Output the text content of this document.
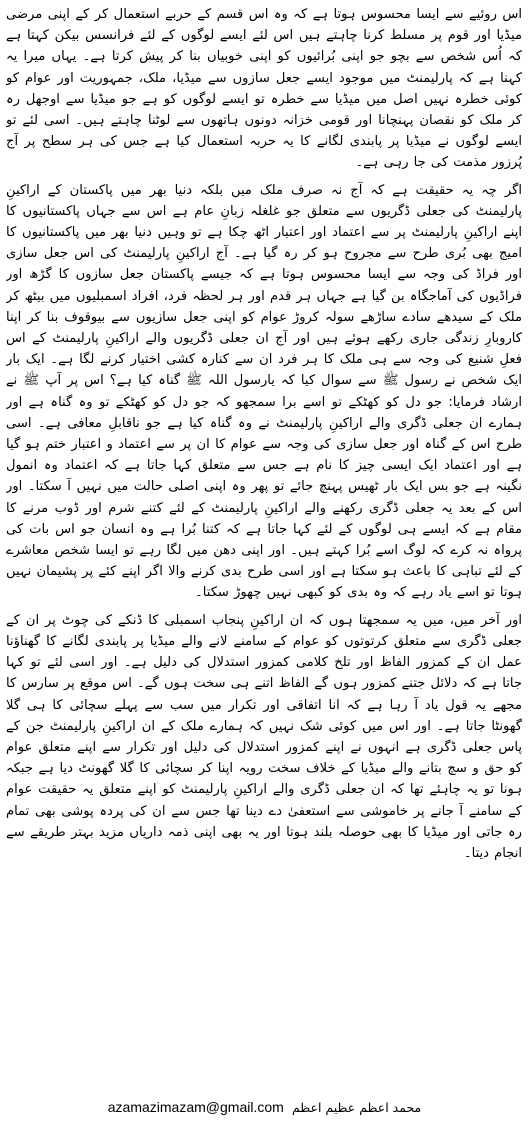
اس روئیے سے ایسا محسوس ہوتا ہے کہ وہ اس قسم کے حربے استعمال کر کے اپنی مرضی میڈیا اور قوم پر مسلط کرنا چاہتے ہیں اس لئے ایسے لوگوں کے لئے فرانسس بیکن کہتا ہے کہ اُس شخص سے بچو جو اپنی بُرائیوں کو اپنی خوبیاں بنا کر پیش کرتا ہے۔ یہاں میرا یہ کہنا ہے کہ پارلیمنٹ میں موجود ایسے جعل سازوں سے میڈیا، ملک، جمہوریت اور عوام کو کوئی خطرہ نہیں اصل میں میڈیا سے خطرہ تو ایسے لوگوں کو ہے جو میڈیا سے اوجھل رہ کر ملک کو نقصان پہنچانا اور قومی خزانہ دونوں ہاتھوں سے لوٹنا چاہتے ہیں۔ اسی لئے تو ایسے لوگوں نے میڈیا پر پابندی لگانے کا یہ حربہ استعمال کیا ہے جس کی ہر سطح پر آج پُرزور مذمت کی جا رہی ہے۔

اگر چہ یہ حقیقت ہے کہ آج نہ صرف ملک میں بلکہ دنیا بھر میں پاکستان کے اراکینِ پارلیمنٹ کی جعلی ڈگریوں سے متعلق جو غلغلہ زبانِ عام ہے اس سے جہاں پاکستانیوں کا اپنے اراکینِ پارلیمنٹ پر سے اعتماد اور اعتبار اٹھ چکا ہے تو وہیں دنیا بھر میں پاکستانیوں کا امیج بھی بُری طرح سے مجروح ہو کر رہ گیا ہے۔ آج اراکینِ پارلیمنٹ کی اس جعل سازی اور فراڈ کی وجہ سے ایسا محسوس ہوتا ہے کہ جیسے پاکستان جعل سازوں کا گڑھ اور فراڈیوں کی آماجگاہ بن گیا ہے جہاں ہر قدم اور ہر لحظہ فرد، افراد اسمبلیوں میں بیٹھ کر ملک کے سیدھے سادے ساڑھے سولہ کروڑ عوام کو اپنی جعل سازیوں سے بیوقوف بنا کر اپنا کاروبارِ زندگی جاری رکھے ہوئے ہیں اور آج ان جعلی ڈگریوں والے اراکینِ پارلیمنٹ کے اس فعلِ شنیع کی وجہ سے ہی ملک کا ہر فرد ان سے کنارہ کشی اختیار کرنے لگا ہے۔ ایک بار ایک شخص نے رسول ﷺ سے سوال کیا کہ یارسول اللہ ﷺ گناہ کیا ہے؟ اس پر آپ ﷺ نے ارشاد فرمایا: جو دل کو کھٹکے تو اسے برا سمجھو کہ جو دل کو کھٹکے تو وہ گناہ ہے اور ہمارے ان جعلی ڈگری والے اراکینِ پارلیمنٹ نے وہ گناہ کیا ہے جو ناقابلِ معافی ہے۔ اسی طرح اس کے گناہ اور جعل سازی کی وجہ سے عوام کا ان پر سے اعتماد و اعتبار ختم ہو گیا ہے اور اعتماد ایک ایسی چیز کا نام ہے جس سے متعلق کہا جاتا ہے کہ اعتماد وہ انمول نگینہ ہے جو بس ایک بار ٹھیس پہنچ جائے تو پھر وہ اپنی اصلی حالت میں نہیں آ سکتا۔ اور اس کے بعد یہ جعلی ڈگری رکھنے والے اراکینِ پارلیمنٹ کے لئے کتنے شرم اور ڈوب مرنے کا مقام ہے کہ ایسے ہی لوگوں کے لئے کہا جاتا ہے کہ کتنا بُرا ہے وہ انسان جو اس بات کی پرواہ نہ کرے کہ لوگ اسے بُرا کہتے ہیں۔ اور اپنی دھن میں لگا رہے تو ایسا شخص معاشرے کے لئے تباہی کا باعث ہو سکتا ہے اور اسی طرح بدی کرنے والا اگر اپنے کئے پر پشیمان نہیں ہوتا تو اسے یاد رہے کہ وہ بدی کو کبھی نہیں چھوڑ سکتا۔

اور آخر میں، میں یہ سمجھتا ہوں کہ ان اراکینِ پنجاب اسمبلی کا ڈنکے کی چوٹ پر ان کے جعلی ڈگری سے متعلق کرتوتوں کو عوام کے سامنے لانے والے میڈیا پر پابندی لگانے کا گھناؤنا عمل ان کے کمزور الفاظ اور تلخ کلامی کمزور استدلال کی دلیل ہے۔ اور اسی لئے تو کہا جاتا ہے کہ دلائل جتنے کمزور ہوں گے الفاظ اتنے ہی سخت ہوں گے۔ اس موقع پر سارس کا مجھے یہ قول یاد آ رہا ہے کہ انا اتفاقی اور تکرار میں سب سے پہلے سچائی کا ہی گلا گھونٹا جاتا ہے۔ اور اس میں کوئی شک نہیں کہ ہمارے ملک کے ان اراکینِ پارلیمنٹ جن کے پاس جعلی ڈگری ہے انہوں نے اپنے کمزور استدلال کی دلیل اور تکرار سے اپنے متعلق عوام کو حق و سچ بتانے والے میڈیا کے خلاف سخت رویہ اپنا کر سچائی کا گلا گھونٹ دیا ہے جبکہ ہونا تو یہ چاہئے تھا کہ ان جعلی ڈگری والے اراکینِ پارلیمنٹ کو اپنے متعلق یہ حقیقت عوام کے سامنے آ جانے پر خاموشی سے استعفیٰ دے دینا تھا جس سے ان کی پردہ پوشی بھی تمام رہ جاتی اور میڈیا کا بھی حوصلہ بلند ہوتا اور یہ بھی اپنی ذمہ داریاں مزید بہتر طریقے سے انجام دیتا۔

azamazimazam@gmail.com محمد اعظم عظیم اعظم
